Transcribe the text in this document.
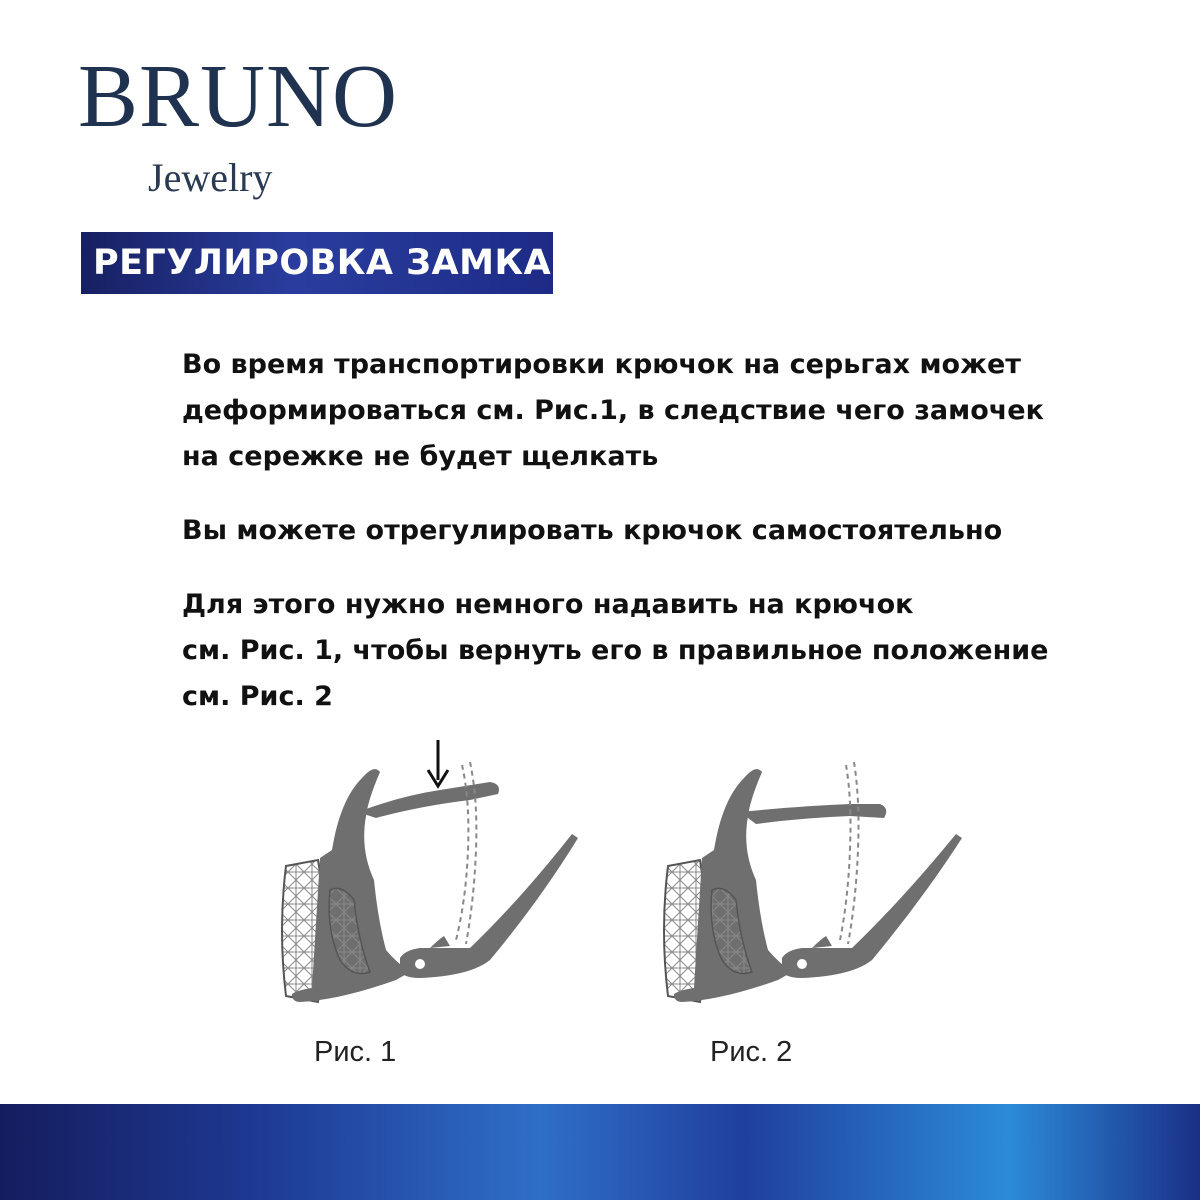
BRUNO
Jewelry
РЕГУЛИРОВКА ЗАМКА
Во время транспортировки крючок на серьгах может
деформироваться см. Рис.1, в следствие чего замочек
на сережке не будет щелкать
Вы можете отрегулировать крючок самостоятельно
Для этого нужно немного надавить на крючок
см. Рис. 1, чтобы вернуть его в правильное положение
см. Рис. 2
Рис. 1	Рис. 2
